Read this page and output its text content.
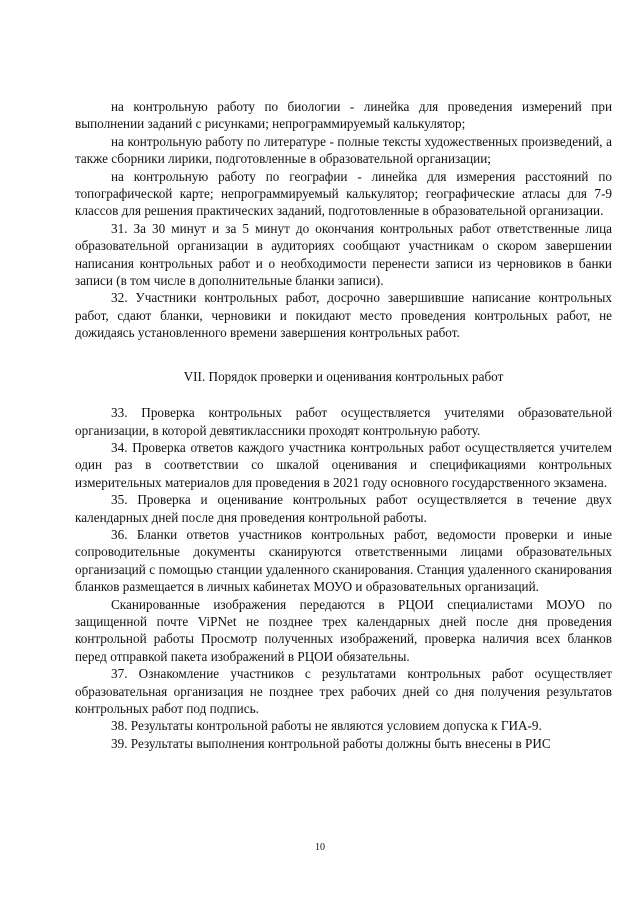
на контрольную работу по биологии - линейка для проведения измерений при выполнении заданий с рисунками; непрограммируемый калькулятор;

на контрольную работу по литературе - полные тексты художественных произведений, а также сборники лирики, подготовленные в образовательной организации;

на контрольную работу по географии - линейка для измерения расстояний по топографической карте; непрограммируемый калькулятор; географические атласы для 7-9 классов для решения практических заданий, подготовленные в образовательной организации.

31. За 30 минут и за 5 минут до окончания контрольных работ ответственные лица образовательной организации в аудиториях сообщают участникам о скором завершении написания контрольных работ и о необходимости перенести записи из черновиков в банки записи (в том числе в дополнительные бланки записи).

32. Участники контрольных работ, досрочно завершившие написание контрольных работ, сдают бланки, черновики и покидают место проведения контрольных работ, не дожидаясь установленного времени завершения контрольных работ.

VII. Порядок проверки и оценивания контрольных работ

33. Проверка контрольных работ осуществляется учителями образовательной организации, в которой девятиклассники проходят контрольную работу.

34. Проверка ответов каждого участника контрольных работ осуществляется учителем один раз в соответствии со шкалой оценивания и спецификациями контрольных измерительных материалов для проведения в 2021 году основного государственного экзамена.

35. Проверка и оценивание контрольных работ осуществляется в течение двух календарных дней после дня проведения контрольной работы.

36. Бланки ответов участников контрольных работ, ведомости проверки и иные сопроводительные документы сканируются ответственными лицами образовательных организаций с помощью станции удаленного сканирования. Станция удаленного сканирования бланков размещается в личных кабинетах МОУО и образовательных организаций.

Сканированные изображения передаются в РЦОИ специалистами МОУО по защищенной почте ViPNet не позднее трех календарных дней после дня проведения контрольной работы Просмотр полученных изображений, проверка наличия всех бланков перед отправкой пакета изображений в РЦОИ обязательны.

37. Ознакомление участников с результатами контрольных работ осуществляет образовательная организация не позднее трех рабочих дней со дня получения результатов контрольных работ под подпись.

38. Результаты контрольной работы не являются условием допуска к ГИА-9.

39. Результаты выполнения контрольной работы должны быть внесены в РИС

10
